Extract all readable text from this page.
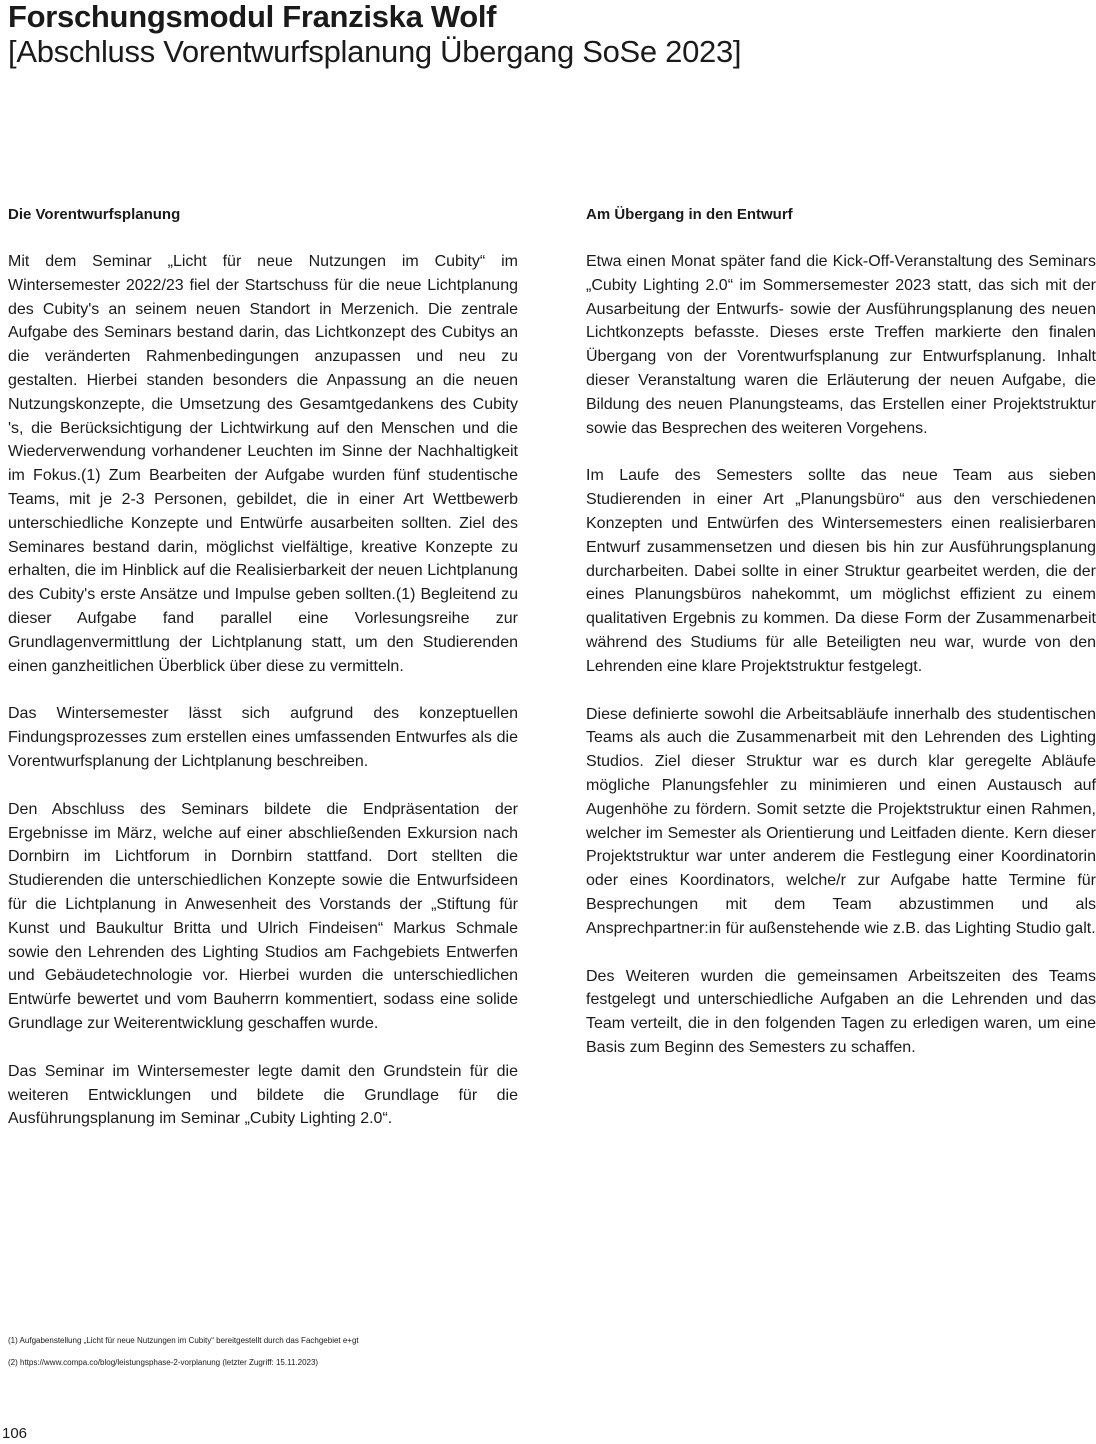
Forschungsmodul Franziska Wolf
[Abschluss Vorentwurfsplanung Übergang SoSe 2023]
Die Vorentwurfsplanung

Mit dem Seminar „Licht für neue Nutzungen im Cubity“ im Wintersemester 2022/23 fiel der Startschuss für die neue Lichtplanung des Cubity's an seinem neuen Standort in Merzenich. Die zentrale Aufgabe des Seminars bestand darin, das Lichtkonzept des Cubitys an die veränderten Rahmenbedingungen anzupassen und neu zu gestalten. Hierbei standen besonders die Anpassung an die neuen Nutzungskonzepte, die Umsetzung des Gesamtgedankens des Cubity 's, die Berücksichtigung der Lichtwirkung auf den Menschen und die Wiederverwendung vorhandener Leuchten im Sinne der Nachhaltigkeit im Fokus.(1) Zum Bearbeiten der Aufgabe wurden fünf studentische Teams, mit je 2-3 Personen, gebildet, die in einer Art Wettbewerb unterschiedliche Konzepte und Entwürfe ausarbeiten sollten. Ziel des Seminares bestand darin, möglichst vielfältige, kreative Konzepte zu erhalten, die im Hinblick auf die Realisierbarkeit der neuen Lichtplanung des Cubity's erste Ansätze und Impulse geben sollten.(1) Begleitend zu dieser Aufgabe fand parallel eine Vorlesungsreihe zur Grundlagenvermittlung der Lichtplanung statt, um den Studierenden einen ganzheitlichen Überblick über diese zu vermitteln.

Das Wintersemester lässt sich aufgrund des konzeptuellen Findungsprozesses zum erstellen eines umfassenden Entwurfes als die Vorentwurfsplanung der Lichtplanung beschreiben.

Den Abschluss des Seminars bildete die Endpräsentation der Ergebnisse im März, welche auf einer abschließenden Exkursion nach Dornbirn im Lichtforum in Dornbirn stattfand. Dort stellten die Studierenden die unterschiedlichen Konzepte sowie die Entwurfsideen für die Lichtplanung in Anwesenheit des Vorstands der „Stiftung für Kunst und Baukultur Britta und Ulrich Findeisen“ Markus Schmale sowie den Lehrenden des Lighting Studios am Fachgebiets Entwerfen und Gebäudetechnologie vor. Hierbei wurden die unterschiedlichen Entwürfe bewertet und vom Bauherrn kommentiert, sodass eine solide Grundlage zur Weiterentwicklung geschaffen wurde.

Das Seminar im Wintersemester legte damit den Grundstein für die weiteren Entwicklungen und bildete die Grundlage für die Ausführungsplanung im Seminar „Cubity Lighting 2.0“.

Am Übergang in den Entwurf

Etwa einen Monat später fand die Kick-Off-Veranstaltung des Seminars „Cubity Lighting 2.0“ im Sommersemester 2023 statt, das sich mit der Ausarbeitung der Entwurfs- sowie der Ausführungsplanung des neuen Lichtkonzepts befasste. Dieses erste Treffen markierte den finalen Übergang von der Vorentwurfsplanung zur Entwurfsplanung. Inhalt dieser Veranstaltung waren die Erläuterung der neuen Aufgabe, die Bildung des neuen Planungsteams, das Erstellen einer Projektstruktur sowie das Besprechen des weiteren Vorgehens.

Im Laufe des Semesters sollte das neue Team aus sieben Studierenden in einer Art „Planungsbüro“ aus den verschiedenen Konzepten und Entwürfen des Wintersemesters einen realisierbaren Entwurf zusammensetzen und diesen bis hin zur Ausführungsplanung durcharbeiten. Dabei sollte in einer Struktur gearbeitet werden, die der eines Planungsbüros nahekommt, um möglichst effizient zu einem qualitativen Ergebnis zu kommen. Da diese Form der Zusammenarbeit während des Studiums für alle Beteiligten neu war, wurde von den Lehrenden eine klare Projektstruktur festgelegt.

Diese definierte sowohl die Arbeitsabläufe innerhalb des studentischen Teams als auch die Zusammenarbeit mit den Lehrenden des Lighting Studios. Ziel dieser Struktur war es durch klar geregelte Abläufe mögliche Planungsfehler zu minimieren und einen Austausch auf Augenhöhe zu fördern. Somit setzte die Projektstruktur einen Rahmen, welcher im Semester als Orientierung und Leitfaden diente. Kern dieser Projektstruktur war unter anderem die Festlegung einer Koordinatorin oder eines Koordinators, welche/r zur Aufgabe hatte Termine für Besprechungen mit dem Team abzustimmen und als Ansprechpartner:in für außenstehende wie z.B. das Lighting Studio galt.

Des Weiteren wurden die gemeinsamen Arbeitszeiten des Teams festgelegt und unterschiedliche Aufgaben an die Lehrenden und das Team verteilt, die in den folgenden Tagen zu erledigen waren, um eine Basis zum Beginn des Semesters zu schaffen.

(1) Aufgabenstellung „Licht für neue Nutzungen im Cubity“ bereitgestellt durch das Fachgebiet e+gt
(2) https://www.compa.co/blog/leistungsphase-2-vorplanung (letzter Zugriff: 15.11.2023)
106
